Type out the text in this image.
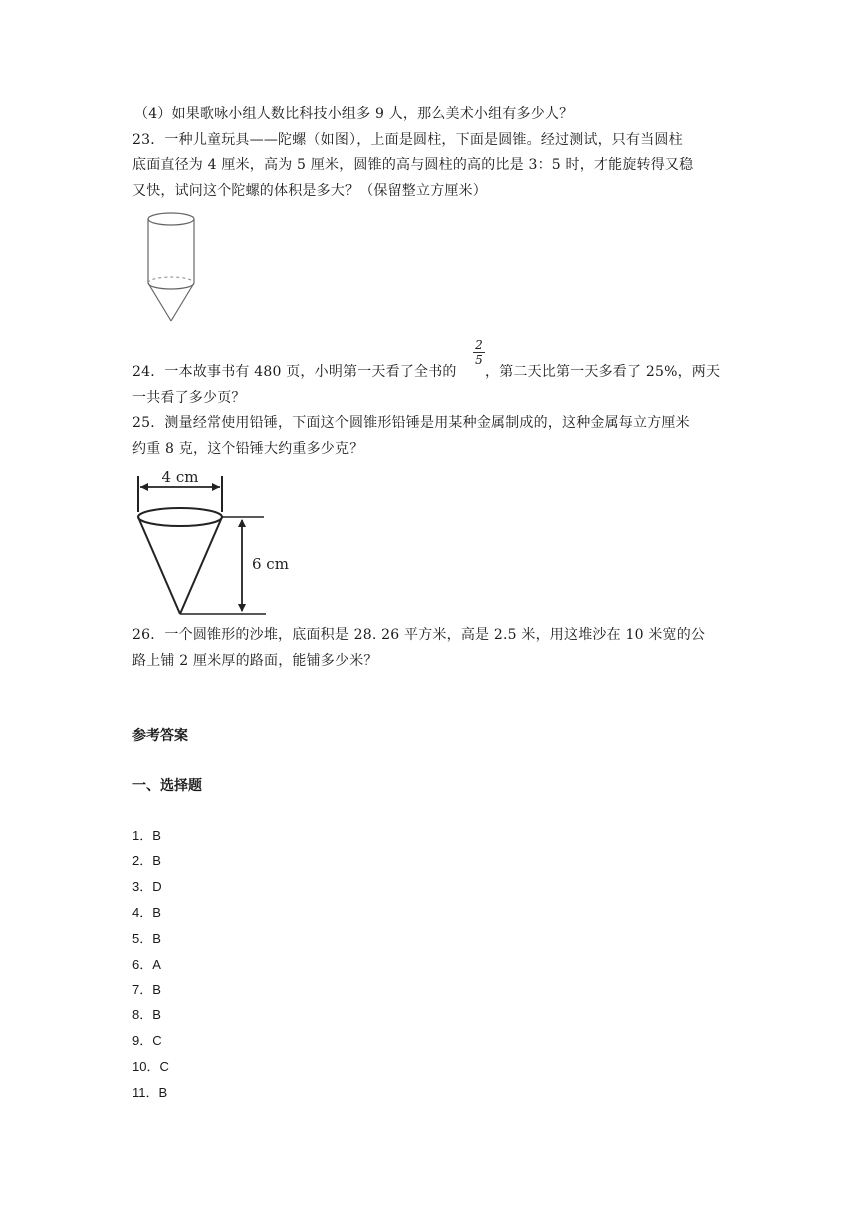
（4）如果歌咏小组人数比科技小组多 9 人，那么美术小组有多少人？
23．一种儿童玩具——陀螺（如图），上面是圆柱，下面是圆锥。经过测试，只有当圆柱
底面直径为 4 厘米，高为 5 厘米，圆锥的高与圆柱的高的比是 3：5 时，才能旋转得又稳
又快，试问这个陀螺的体积是多大？（保留整立方厘米）
24．一本故事书有 480 页，小明第一天看了全书的
2
5
，第二天比第一天多看了 25%，两天
一共看了多少页？
25．测量经常使用铅锤，下面这个圆锥形铅锤是用某种金属制成的，这种金属每立方厘米
约重 8 克，这个铅锤大约重多少克？
4 cm
6 cm
26．一个圆锥形的沙堆，底面积是 28. 26 平方米，高是 2.5 米，用这堆沙在 10 米宽的公
路上铺 2 厘米厚的路面，能铺多少米？
参考答案
一、选择题
1．B
2．B
3．D
4．B
5．B
6．A
7．B
8．B
9．C
10．C
11．B
